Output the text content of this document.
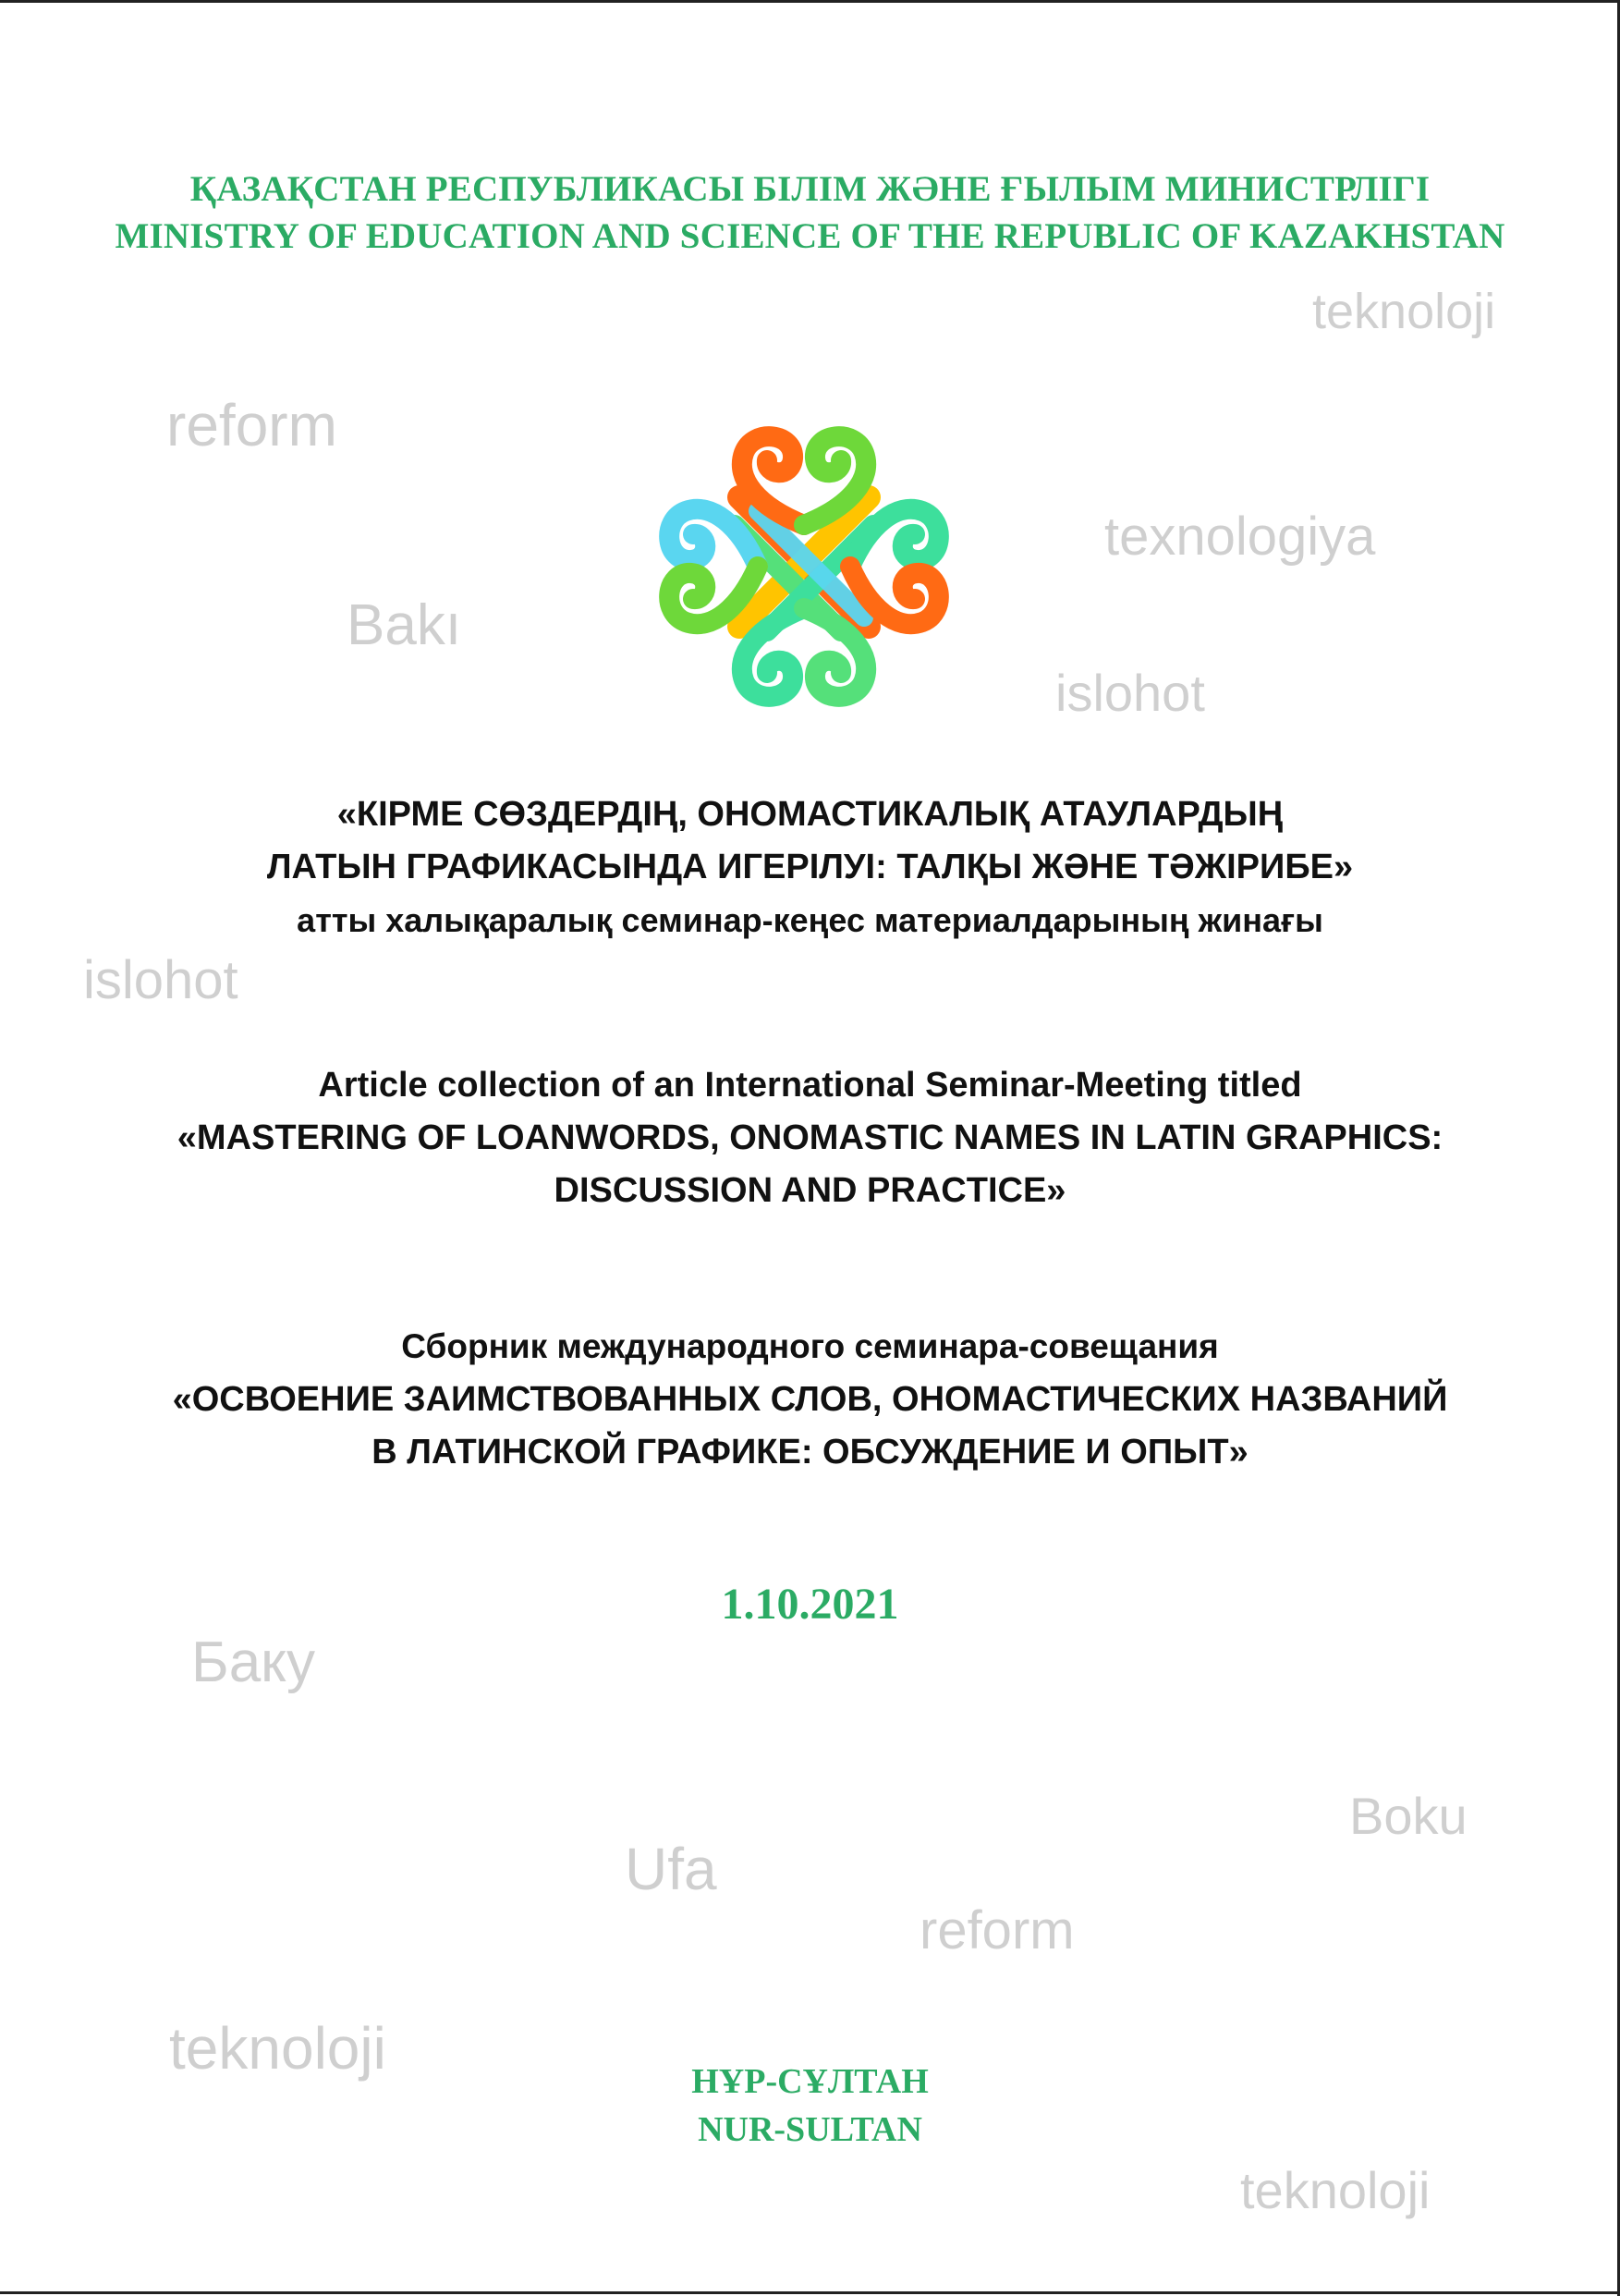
ҚАЗАҚСТАН РЕСПУБЛИКАСЫ БІЛІМ ЖӘНЕ ҒЫЛЫМ МИНИСТРЛІГІ
MINISTRY OF EDUCATION AND SCIENCE OF THE REPUBLIC OF KAZAKHSTAN
teknoloji
reform
texnologiya
Bakı
islohot
islohot
Баку
Boku
Ufa
reform
teknoloji
teknoloji
«КІРМЕ СӨЗДЕРДІҢ, ОНОМАСТИКАЛЫҚ АТАУЛАРДЫҢ
ЛАТЫН ГРАФИКАСЫНДА ИГЕРІЛУІ: ТАЛҚЫ ЖӘНЕ ТӘЖІРИБЕ»
атты халықаралық семинар-кеңес материалдарының жинағы
Article collection of an International Seminar-Meeting titled
«MASTERING OF LOANWORDS, ONOMASTIC NAMES IN LATIN GRAPHICS:
DISCUSSION AND PRACTICE»
Сборник международного семинара-совещания
«ОСВОЕНИЕ ЗАИМСТВОВАННЫХ СЛОВ, ОНОМАСТИЧЕСКИХ НАЗВАНИЙ
В ЛАТИНСКОЙ ГРАФИКЕ: ОБСУЖДЕНИЕ И ОПЫТ»
1.10.2021
НҰР-СҰЛТАН
NUR-SULTAN
